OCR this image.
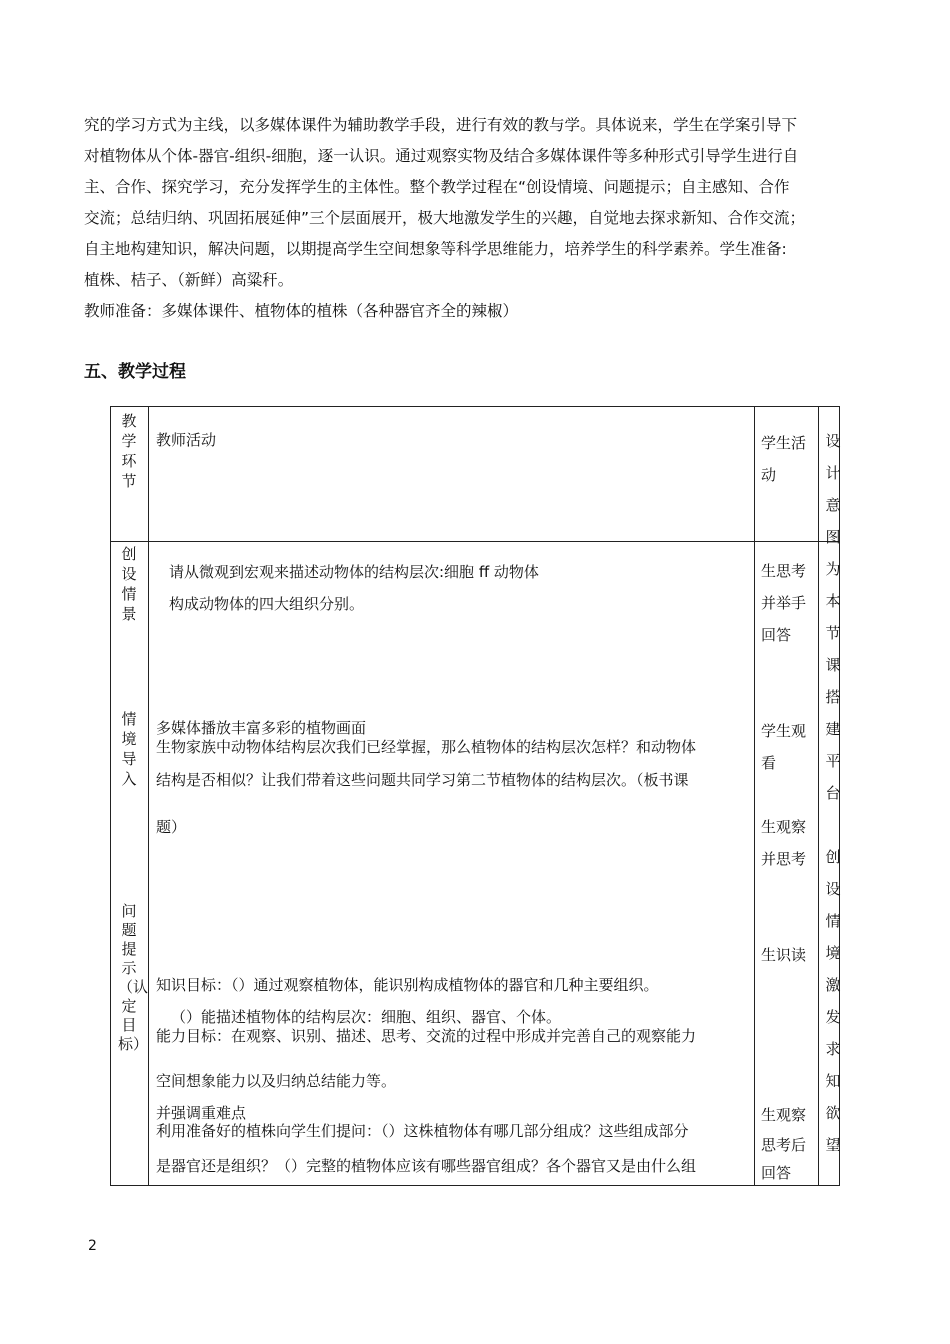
究的学习方式为主线，以多媒体课件为辅助教学手段，进行有效的教与学。具体说来，学生在学案引导下
对植物体从个体-器官-组织-细胞，逐一认识。通过观察实物及结合多媒体课件等多种形式引导学生进行自
主、合作、探究学习，充分发挥学生的主体性。整个教学过程在“创设情境、问题提示；自主感知、合作
交流；总结归纳、巩固拓展延伸”三个层面展开，极大地激发学生的兴趣，自觉地去探求新知、合作交流；
自主地构建知识，解决问题，以期提高学生空间想象等科学思维能力，培养学生的科学素养。学生准备:
植株、桔子、（新鲜）高粱秆。
教师准备：多媒体课件、植物体的植株（各种器官齐全的辣椒）
五、教学过程
教学环节
教师活动	学生活动
设计意图
创设情景
情境导入
问题提示（认定目标）
请从微观到宏观来描述动物体的结构层次:细胞 ff 动物体
构成动物体的四大组织分别。
多媒体播放丰富多彩的植物画面
生物家族中动物体结构层次我们已经掌握，那么植物体的结构层次怎样？和动物体
结构是否相似？让我们带着这些问题共同学习第二节植物体的结构层次。（板书课
题）
知识目标：（）通过观察植物体，能识别构成植物体的器官和几种主要组织。
（）能描述植物体的结构层次：细胞、组织、器官、个体。
能力目标：在观察、识别、描述、思考、交流的过程中形成并完善自己的观察能力
空间想象能力以及归纳总结能力等。
并强调重难点
利用准备好的植株向学生们提问：（）这株植物体有哪几部分组成？这些组成部分
是器官还是组织？（）完整的植物体应该有哪些器官组成？各个器官又是由什么组
生思考
并举手
回答
学生观
看
生观察
并思考
生识读
生观察
思考后
回答
为本节课搭建平台
创设情境激发求知欲望
2
